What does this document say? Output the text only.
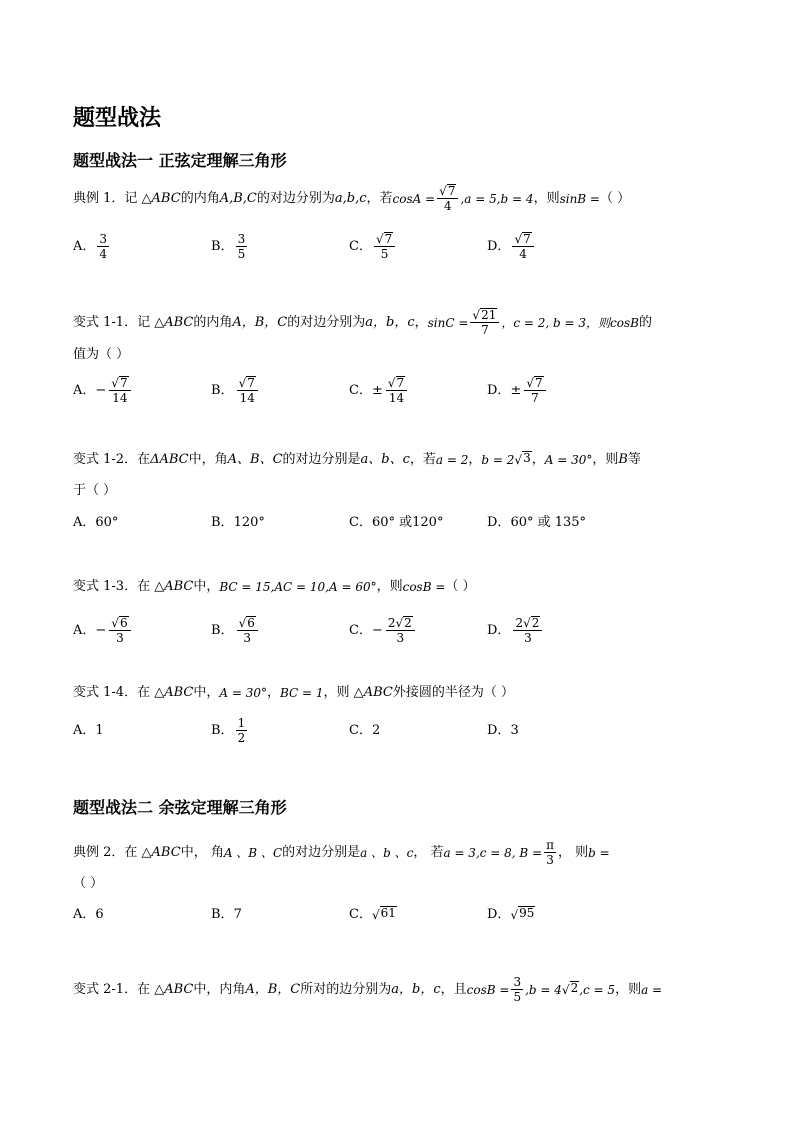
题型战法
题型战法一 正弦定理解三角形
典例 1．记 △ ABC 的内角 A,B,C 的对边分别为 a,b,c ，若 $\cos A = \frac{√ 7}{4} ,a = 5,b = 4$ ，则 sinB = （ ）
A． $\frac{3}{4}$	B． $\frac{3}{5}$	C． $\frac{√ 7}{5}$	D． $\frac{√ 7}{4}$
变式 1-1．记 △ ABC 的内角 A，B，C 的对边分别为 a，b，c ， $\sin C = \frac{√ 21}{7}$ ，c = 2, b = 3，则 cosB 的
值为（ ）
A． − $\frac{√ 7}{14}$	B． $\frac{√ 7}{14}$	C． ± $\frac{√ 7}{14}$	D． ± $\frac{√ 7}{7}$
变式 1-2．在 ΔABC 中，角 A、B、C 的对边分别是 a、b、c ，若 a = 2 ， b = 2 √ 3 ， A = 30° ，则 B 等
于（ ）
A． 60°	B． 120°	C． 60° 或120°	D． 60° 或 135°
变式 1-3．在 △ ABC 中， BC = 15,AC = 10,A = 60° ，则 cosB = （ ）
A． − $\frac{√ 6}{3}$	B． $\frac{√ 6}{3}$	C． − $\frac{2 √ 2}{3}$	D． $\frac{2 √ 2}{3}$
变式 1-4．在 △ ABC 中， A = 30° ， BC = 1 ，则 △ ABC 外接圆的半径为（ ）
A． 1	B． $\frac{1}{2}$	C． 2	D． 3
题型战法二 余弦定理解三角形
典例 2．在 △ ABC 中， 角 A 、B 、C 的对边分别是 a 、b 、c ， 若 a = 3,c = 8, $B = \frac{\pi}{3}$ ， 则 b =
（ ）
A． 6	B． 7	C． √ 61	D． √ 95
变式 2-1．在 △ ABC 中，内角 A，B，C 所对的边分别为 a，b，c ，且 $\cos B = \frac{3}{5} ,b = 4$ √ 2 ,c = 5 ，则 a =
